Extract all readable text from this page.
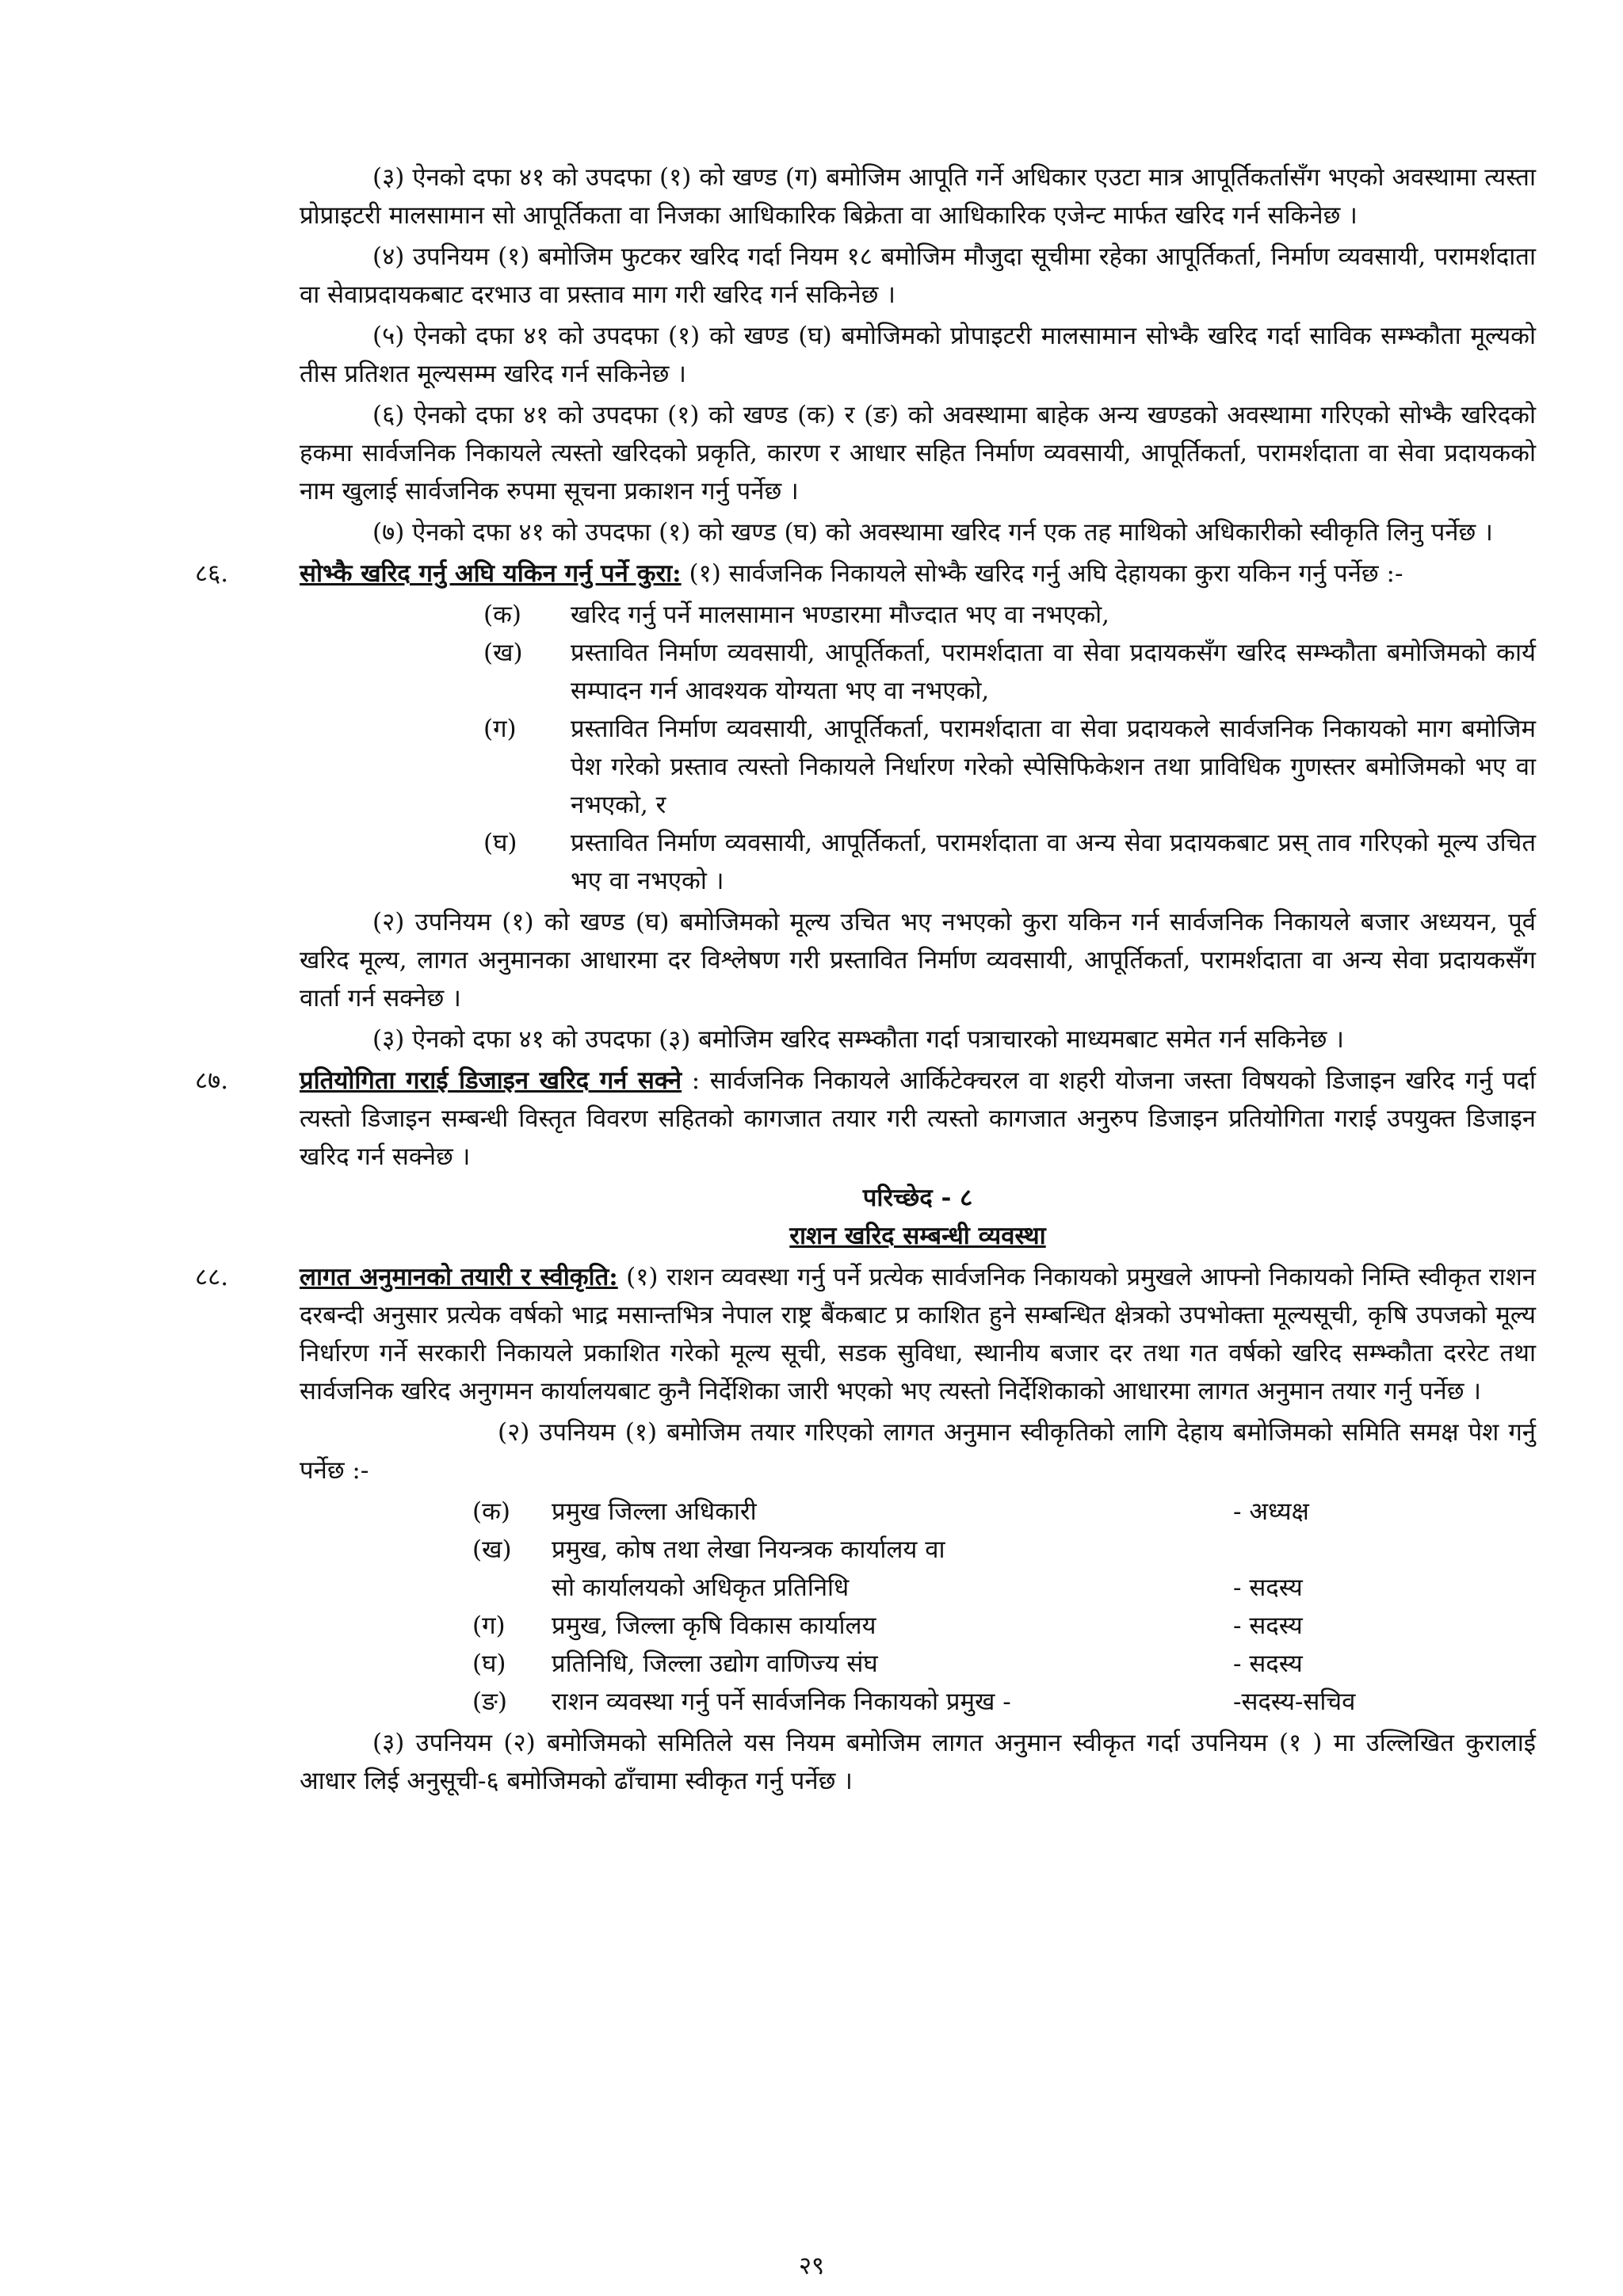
(३) ऐनको दफा ४१ को उपदफा (१) को खण्ड (ग) बमोजिम आपूति गर्ने अधिकार एउटा मात्र आपूर्तिकर्तासँग भएको अवस्थामा त्यस्ता प्रोप्राइटरी मालसामान सो आपूर्तिकता वा निजका आधिकारिक बिक्रेता वा आधिकारिक एजेन्ट मार्फत खरिद गर्न सकिनेछ ।

(४) उपनियम (१) बमोजिम फुटकर खरिद गर्दा नियम १८ बमोजिम मौजुदा सूचीमा रहेका आपूर्तिकर्ता, निर्माण व्यवसायी, परामर्शदाता वा सेवाप्रदायकबाट दरभाउ वा प्रस्ताव माग गरी खरिद गर्न सकिनेछ ।

(५) ऐनको दफा ४१ को उपदफा (१) को खण्ड (घ) बमोजिमको प्रोपाइटरी मालसामान सोभ्कै खरिद गर्दा साविक सम्भ्कौता मूल्यको तीस प्रतिशत मूल्यसम्म खरिद गर्न सकिनेछ ।

(६) ऐनको दफा ४१ को उपदफा (१) को खण्ड (क) र (ङ) को अवस्थामा बाहेक अन्य खण्डको अवस्थामा गरिएको सोभ्कै खरिदको हकमा सार्वजनिक निकायले त्यस्तो खरिदको प्रकृति, कारण र आधार सहित निर्माण व्यवसायी, आपूर्तिकर्ता, परामर्शदाता वा सेवा प्रदायकको नाम खुलाई सार्वजनिक रुपमा सूचना प्रकाशन गर्नु पर्नेछ ।

(७) ऐनको दफा ४१ को उपदफा (१) को खण्ड (घ) को अवस्थामा खरिद गर्न एक तह माथिको अधिकारीको स्वीकृति लिनु पर्नेछ ।

८६.	सोभ्कै खरिद गर्नु अघि यकिन गर्नु पर्ने कुरा: (१) सार्वजनिक निकायले सोभ्कै खरिद गर्नु अघि देहायका कुरा यकिन गर्नु पर्नेछ :-

(क)	खरिद गर्नु पर्ने मालसामान भण्डारमा मौज्दात भए वा नभएको,
(ख)	प्रस्तावित निर्माण व्यवसायी, आपूर्तिकर्ता, परामर्शदाता वा सेवा प्रदायकसँग खरिद सम्भ्कौता बमोजिमको कार्य सम्पादन गर्न आवश्यक योग्यता भए वा नभएको,
(ग)	प्रस्तावित निर्माण व्यवसायी, आपूर्तिकर्ता, परामर्शदाता वा सेवा प्रदायकले सार्वजनिक निकायको माग बमोजिम पेश गरेको प्रस्ताव त्यस्तो निकायले निर्धारण गरेको स्पेसिफिकेशन तथा प्राविधिक गुणस्तर बमोजिमको भए वा नभएको, र
(घ)	प्रस्तावित निर्माण व्यवसायी, आपूर्तिकर्ता, परामर्शदाता वा अन्य सेवा प्रदायकबाट प्रस् ताव गरिएको मूल्य उचित भए वा नभएको ।

(२) उपनियम (१) को खण्ड (घ) बमोजिमको मूल्य उचित भए नभएको कुरा यकिन गर्न सार्वजनिक निकायले बजार अध्ययन, पूर्व खरिद मूल्य, लागत अनुमानका आधारमा दर विश्लेषण गरी प्रस्तावित निर्माण व्यवसायी, आपूर्तिकर्ता, परामर्शदाता वा अन्य सेवा प्रदायकसँग वार्ता गर्न सक्नेछ ।

(३) ऐनको दफा ४१ को उपदफा (३) बमोजिम खरिद सम्भ्कौता गर्दा पत्राचारको माध्यमबाट समेत गर्न सकिनेछ ।

८७.	प्रतियोगिता गराई डिजाइन खरिद गर्न सक्ने : सार्वजनिक निकायले आर्किटेक्चरल वा शहरी योजना जस्ता विषयको डिजाइन खरिद गर्नु पर्दा त्यस्तो डिजाइन सम्बन्धी विस्तृत विवरण सहितको कागजात तयार गरी त्यस्तो कागजात अनुरुप डिजाइन प्रतियोगिता गराई उपयुक्त डिजाइन खरिद गर्न सक्नेछ ।

परिच्छेद - ८
राशन खरिद सम्बन्धी व्यवस्था
८८.	लागत अनुमानको तयारी र स्वीकृति: (१) राशन व्यवस्था गर्नु पर्ने प्रत्येक सार्वजनिक निकायको प्रमुखले आफ्नो निकायको निम्ति स्वीकृत राशन दरबन्दी अनुसार प्रत्येक वर्षको भाद्र मसान्तभित्र नेपाल राष्ट्र बैंकबाट प्र काशित हुने सम्बन्धित क्षेत्रको उपभोक्ता मूल्यसूची, कृषि उपजको मूल्य निर्धारण गर्ने सरकारी निकायले प्रकाशित गरेको मूल्य सूची, सडक सुविधा, स्थानीय बजार दर तथा गत वर्षको खरिद सम्भ्कौता दररेट तथा सार्वजनिक खरिद अनुगमन कार्यालयबाट कुनै निर्देशिका जारी भएको भए त्यस्तो निर्देशिकाको आधारमा लागत अनुमान तयार गर्नु पर्नेछ ।

(२) उपनियम (१) बमोजिम तयार गरिएको लागत अनुमान स्वीकृतिको लागि देहाय बमोजिमको समिति समक्ष पेश गर्नु पर्नेछ :-

(क)	प्रमुख जिल्ला अधिकारी	- अध्यक्ष
(ख)	प्रमुख, कोष तथा लेखा नियन्त्रक कार्यालय वा
सो कार्यालयको अधिकृत प्रतिनिधि	- सदस्य
(ग)	प्रमुख, जिल्ला कृषि विकास कार्यालय	- सदस्य
(घ)	प्रतिनिधि, जिल्ला उद्योग वाणिज्य संघ	- सदस्य
(ङ)	राशन व्यवस्था गर्नु पर्ने सार्वजनिक निकायको प्रमुख -	-सदस्य-सचिव

(३) उपनियम (२) बमोजिमको समितिले यस नियम बमोजिम लागत अनुमान स्वीकृत गर्दा उपनियम (१ ) मा उल्लिखित कुरालाई आधार लिई अनुसूची-६ बमोजिमको ढाँचामा स्वीकृत गर्नु पर्नेछ ।

२९
